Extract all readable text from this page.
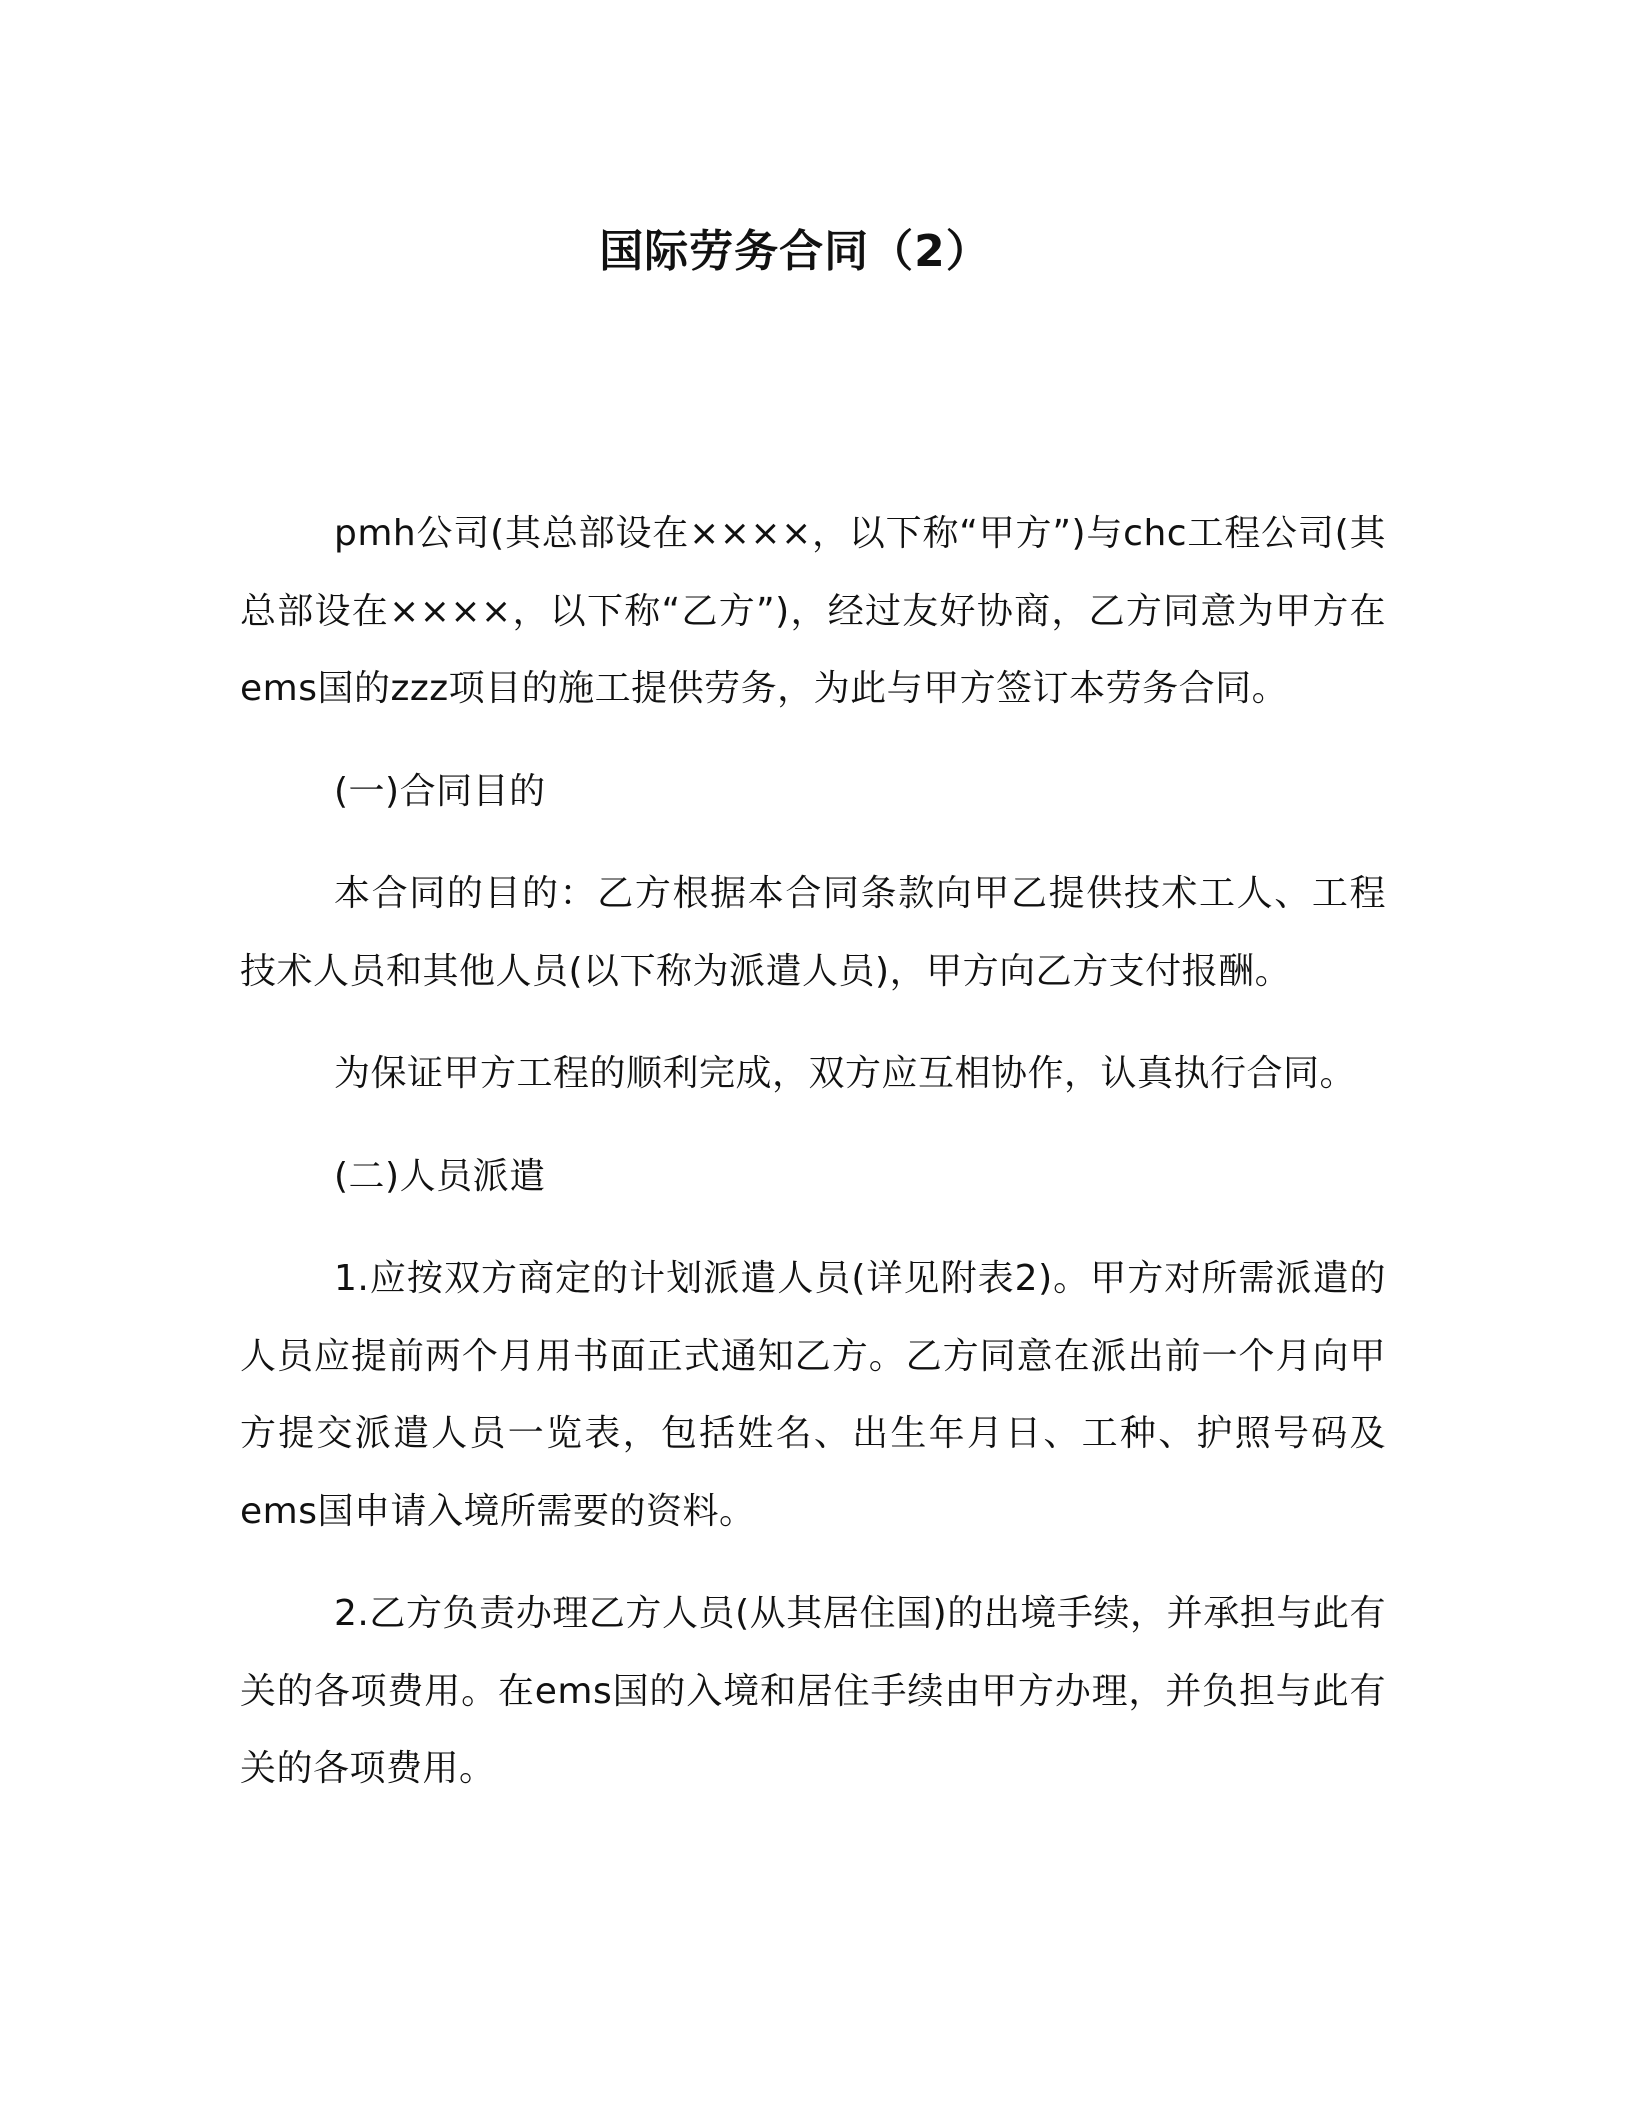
国际劳务合同（2）

pmh公司(其总部设在××××，以下称“甲方”)与chc工程公司(其总部设在××××，以下称“乙方”)，经过友好协商，乙方同意为甲方在ems国的zzz项目的施工提供劳务，为此与甲方签订本劳务合同。

(一)合同目的

本合同的目的：乙方根据本合同条款向甲乙提供技术工人、工程技术人员和其他人员(以下称为派遣人员)，甲方向乙方支付报酬。

为保证甲方工程的顺利完成，双方应互相协作，认真执行合同。

(二)人员派遣

1.应按双方商定的计划派遣人员(详见附表2)。甲方对所需派遣的人员应提前两个月用书面正式通知乙方。乙方同意在派出前一个月向甲方提交派遣人员一览表，包括姓名、出生年月日、工种、护照号码及ems国申请入境所需要的资料。

2.乙方负责办理乙方人员(从其居住国)的出境手续，并承担与此有关的各项费用。在ems国的入境和居住手续由甲方办理，并负担与此有关的各项费用。
